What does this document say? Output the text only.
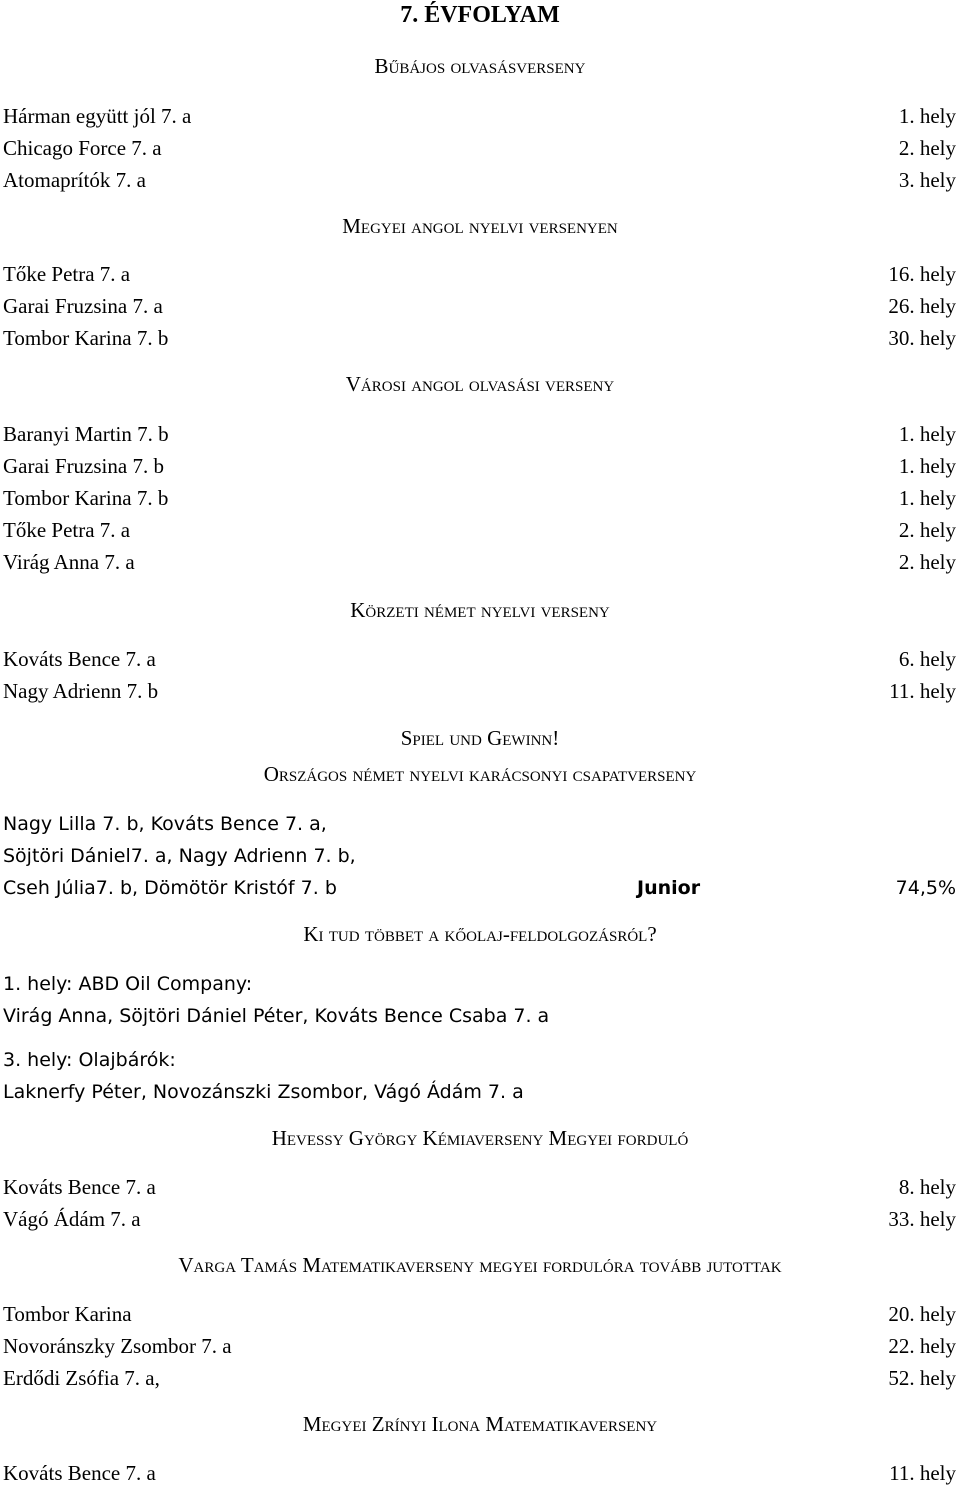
7. ÉVFOLYAM
Bűbájos olvasásverseny
Hárman együtt jól 7. a	1. hely
Chicago Force 7. a	2. hely
Atomaprítók 7. a	3. hely
Megyei angol nyelvi versenyen
Tőke Petra 7. a	16. hely
Garai Fruzsina 7. a	26. hely
Tombor Karina 7. b	30. hely
Városi angol olvasási verseny
Baranyi Martin 7. b	1. hely
Garai Fruzsina 7. b	1. hely
Tombor Karina 7. b	1. hely
Tőke Petra 7. a	2. hely
Virág Anna 7. a	2. hely
Körzeti német nyelvi verseny
Kováts Bence 7. a	6. hely
Nagy Adrienn 7. b	11. hely
Spiel und Gewinn!
Országos német nyelvi karácsonyi csapatverseny
Nagy Lilla 7. b, Kováts Bence 7. a,
Söjtöri Dániel7. a, Nagy Adrienn 7. b,
Cseh Júlia7. b, Dömötör Kristóf 7. b	Junior	74,5%
Ki tud többet a kőolaj-feldolgozásról?
1. hely: ABD Oil Company:
Virág Anna, Söjtöri Dániel Péter, Kováts Bence Csaba 7. a
3. hely: Olajbárók:
Laknerfy Péter, Novozánszki Zsombor, Vágó Ádám 7. a
Hevessy György Kémiaverseny Megyei forduló
Kováts Bence 7. a	8. hely
Vágó Ádám 7. a	33. hely
Varga Tamás Matematikaverseny megyei fordulóra tovább jutottak
Tombor Karina	20. hely
Novoránszky Zsombor 7. a	22. hely
Erdődi Zsófia 7. a,	52. hely
Megyei Zrínyi Ilona Matematikaverseny
Kováts Bence 7. a	11. hely
